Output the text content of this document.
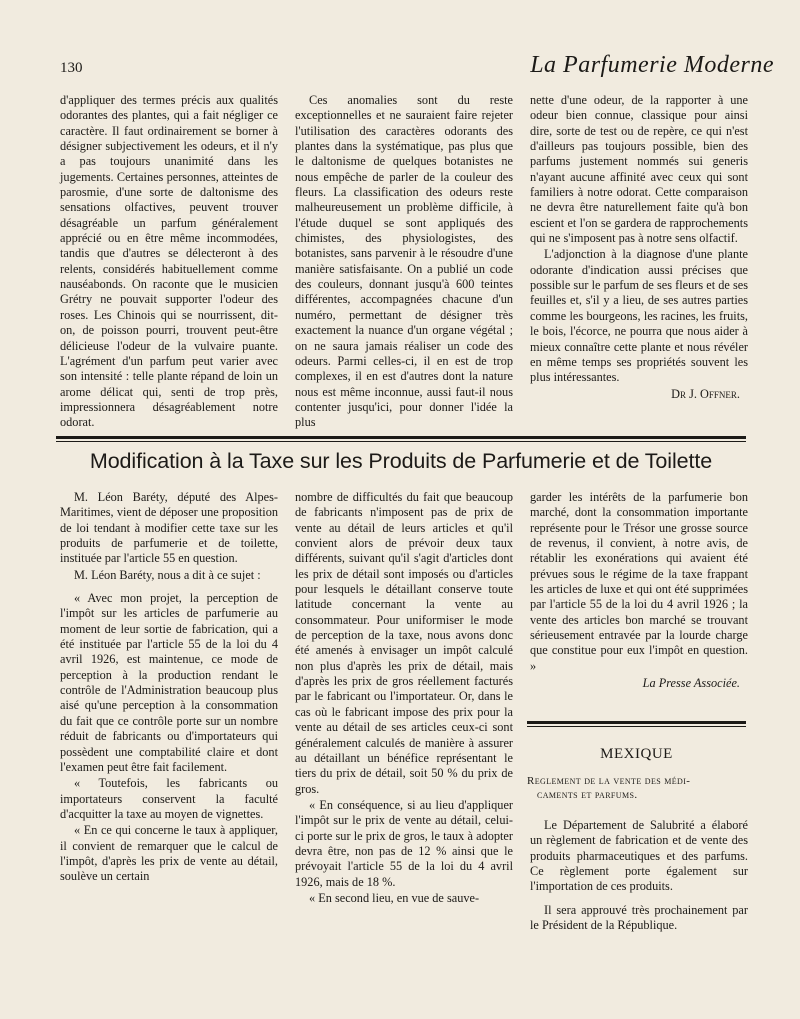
130	La Parfumerie Moderne

d'appliquer des termes précis aux qualités odorantes des plantes, qui a fait négliger ce caractère. Il faut ordinairement se borner à désigner subjectivement les odeurs, et il n'y a pas toujours unanimité dans les jugements. Certaines personnes, atteintes de parosmie, d'une sorte de daltonisme des sensations olfactives, peuvent trouver désagréable un parfum généralement apprécié ou en être même incommodées, tandis que d'autres se délecteront à des relents, considérés habituellement comme nauséabonds. On raconte que le musicien Grétry ne pouvait supporter l'odeur des roses. Les Chinois qui se nourrissent, dit-on, de poisson pourri, trouvent peut-être délicieuse l'odeur de la vulvaire puante. L'agrément d'un parfum peut varier avec son intensité : telle plante répand de loin un arome délicat qui, senti de trop près, impressionnera désagréablement notre odorat.

Ces anomalies sont du reste exceptionnelles et ne sauraient faire rejeter l'utilisation des caractères odorants des plantes dans la systématique, pas plus que le daltonisme de quelques botanistes ne nous empêche de parler de la couleur des fleurs. La classification des odeurs reste malheureusement un problème difficile, à l'étude duquel se sont appliqués des chimistes, des physiologistes, des botanistes, sans parvenir à le résoudre d'une manière satisfaisante. On a publié un code des couleurs, donnant jusqu'à 600 teintes différentes, accompagnées chacune d'un numéro, permettant de désigner très exactement la nuance d'un organe végétal ; on ne saura jamais réaliser un code des odeurs. Parmi celles-ci, il en est de trop complexes, il en est d'autres dont la nature nous est même inconnue, aussi faut-il nous contenter jusqu'ici, pour donner l'idée la plus

nette d'une odeur, de la rapporter à une odeur bien connue, classique pour ainsi dire, sorte de test ou de repère, ce qui n'est d'ailleurs pas toujours possible, bien des parfums justement nommés sui generis n'ayant aucune affinité avec ceux qui sont familiers à notre odorat. Cette comparaison ne devra être naturellement faite qu'à bon escient et l'on se gardera de rapprochements qui ne s'imposent pas à notre sens olfactif.

L'adjonction à la diagnose d'une plante odorante d'indication aussi précises que possible sur le parfum de ses fleurs et de ses feuilles et, s'il y a lieu, de ses autres parties comme les bourgeons, les racines, les fruits, le bois, l'écorce, ne pourra que nous aider à mieux connaître cette plante et nous révéler en même temps ses propriétés souvent les plus intéressantes.

Dr J. Offner.
Modification à la Taxe sur les Produits de Parfumerie et de Toilette

M. Léon Baréty, député des Alpes-Maritimes, vient de déposer une proposition de loi tendant à modifier cette taxe sur les produits de parfumerie et de toilette, instituée par l'article 55 en question.

M. Léon Baréty, nous a dit à ce sujet :

« Avec mon projet, la perception de l'impôt sur les articles de parfumerie au moment de leur sortie de fabrication, qui a été instituée par l'article 55 de la loi du 4 avril 1926, est maintenue, ce mode de perception à la production rendant le contrôle de l'Administration beaucoup plus aisé qu'une perception à la consommation du fait que ce contrôle porte sur un nombre réduit de fabricants ou d'importateurs qui possèdent une comptabilité claire et dont l'examen peut être fait facilement.

« Toutefois, les fabricants ou importateurs conservent la faculté d'acquitter la taxe au moyen de vignettes.

« En ce qui concerne le taux à appliquer, il convient de remarquer que le calcul de l'impôt, d'après les prix de vente au détail, soulève un certain

nombre de difficultés du fait que beaucoup de fabricants n'imposent pas de prix de vente au détail de leurs articles et qu'il convient alors de prévoir deux taux différents, suivant qu'il s'agit d'articles dont les prix de détail sont imposés ou d'articles pour lesquels le détaillant conserve toute latitude concernant la vente au consommateur. Pour uniformiser le mode de perception de la taxe, nous avons donc été amenés à envisager un impôt calculé non plus d'après les prix de détail, mais d'après les prix de gros réellement facturés par le fabricant ou l'importateur. Or, dans le cas où le fabricant impose des prix pour la vente au détail de ses articles ceux-ci sont généralement calculés de manière à assurer au détaillant un bénéfice représentant le tiers du prix de détail, soit 50 % du prix de gros.

« En conséquence, si au lieu d'appliquer l'impôt sur le prix de vente au détail, celui-ci porte sur le prix de gros, le taux à adopter devra être, non pas de 12 % ainsi que le prévoyait l'article 55 de la loi du 4 avril 1926, mais de 18 %.

« En second lieu, en vue de sauve-

garder les intérêts de la parfumerie bon marché, dont la consommation importante représente pour le Trésor une grosse source de revenus, il convient, à notre avis, de rétablir les exonérations qui avaient été prévues sous le régime de la taxe frappant les articles de luxe et qui ont été supprimées par l'article 55 de la loi du 4 avril 1926 ; la vente des articles bon marché se trouvant sérieusement entravée par la lourde charge que constitue pour eux l'impôt en question. »

La Presse Associée.
MEXIQUE
Reglement de la vente des médi-
caments et parfums.

Le Département de Salubrité a élaboré un règlement de fabrication et de vente des produits pharmaceutiques et des parfums. Ce règlement porte également sur l'importation de ces produits.

Il sera approuvé très prochainement par le Président de la République.
